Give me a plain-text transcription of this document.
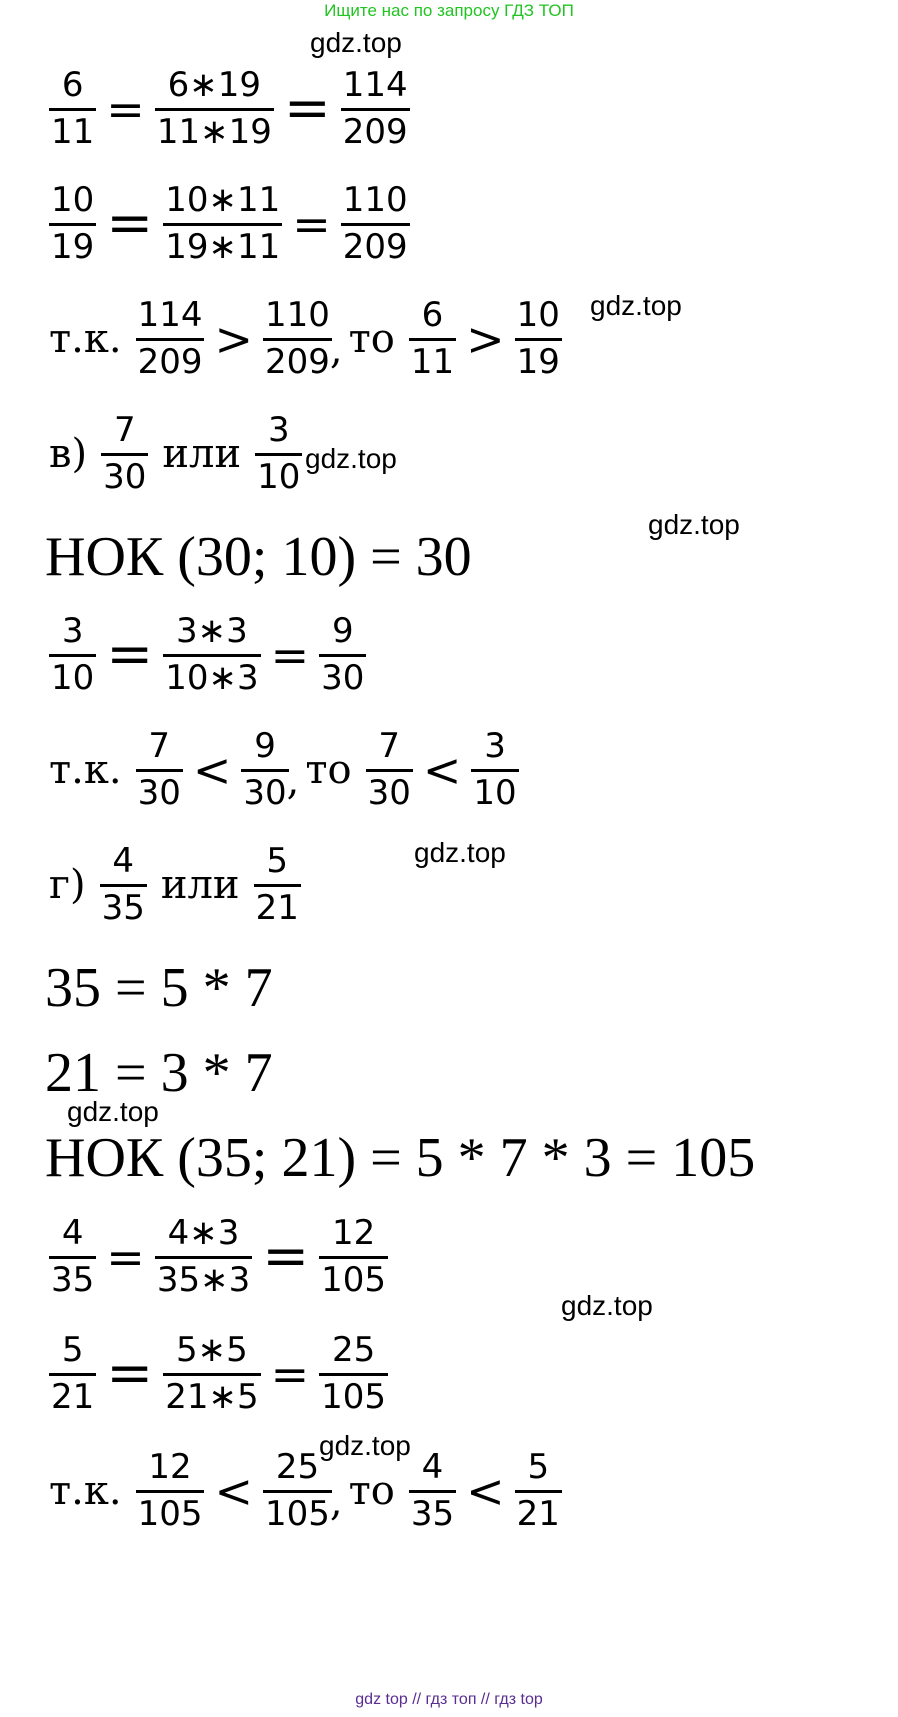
Ищите нас по запросу ГДЗ ТОП
gdz.top
gdz.top
gdz.top
gdz.top
gdz.top
gdz.top
gdz.top
gdz.top
$\frac{6}{11} = \frac{6∗19}{11∗19} = \frac{114}{209}$
$\frac{10}{19} = \frac{10∗11}{19∗11} = \frac{110}{209}$
т.к. $\frac{114}{209} > \frac{110}{209}$
, то $\frac{6}{11} > \frac{10}{19}$
$в) \frac{7}{30}$ или $\frac{3}{10}$
НОК (30; 10) = 30
$\frac{3}{10} = \frac{3∗3}{10∗3} = \frac{9}{30}$
т.к. $\frac{7}{30} < \frac{9}{30}$
, то $\frac{7}{30} < \frac{3}{10}$
$г) \frac{4}{35}$ или $\frac{5}{21}$
35 = 5 * 7
21 = 3 * 7
НОК (35; 21) = 5 * 7 * 3 = 105
$\frac{4}{35} = \frac{4∗3}{35∗3} = \frac{12}{105}$
$\frac{5}{21} = \frac{5∗5}{21∗5} = \frac{25}{105}$
т.к. $\frac{12}{105} < \frac{25}{105}$
, то $\frac{4}{35} < \frac{5}{21}$
gdz top // гдз топ // гдз top
